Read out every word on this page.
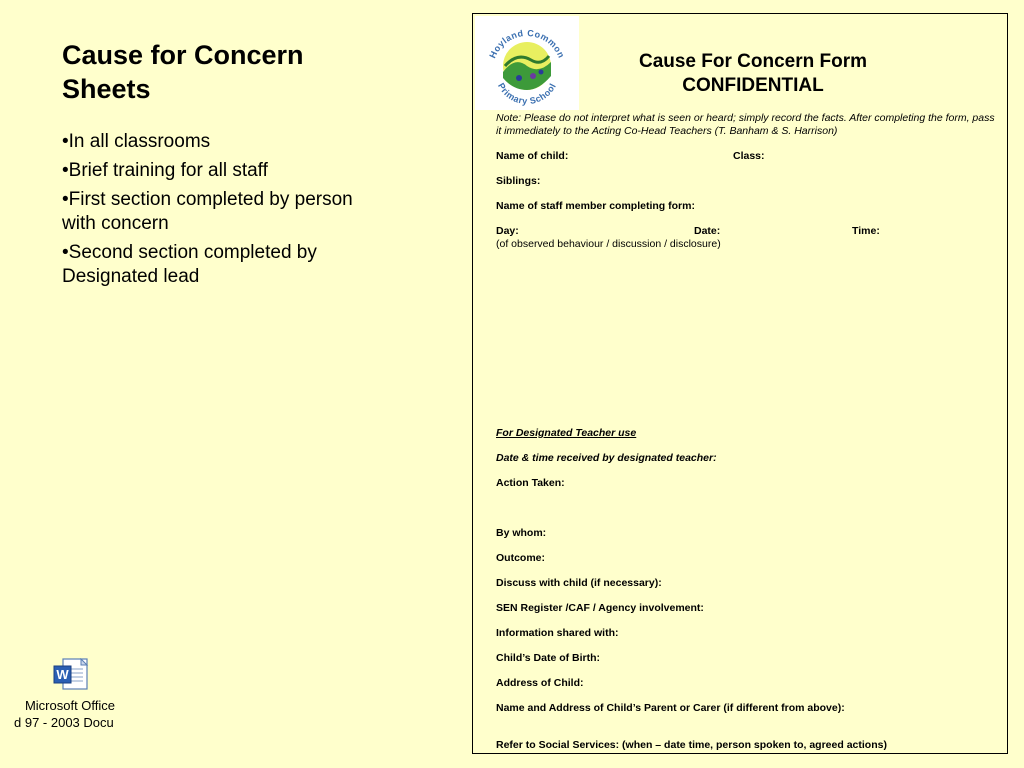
Cause for Concern Sheets
•In all classrooms
•Brief training for all staff
•First section completed by person with concern
•Second section completed by Designated lead
W
Microsoft Office
d 97 - 2003 Docu
Hoyland Common
Primary School
Cause For Concern Form
CONFIDENTIAL
Note: Please do not interpret what is seen or heard; simply record the facts. After completing the form, pass it immediately to the Acting Co-Head Teachers (T. Banham & S. Harrison)
Name of child:	Class:
Siblings:
Name of staff member completing form:
Day:	Date:	Time:
(of observed behaviour / discussion / disclosure)
For Designated Teacher use
Date & time received by designated teacher:
Action Taken:
By whom:
Outcome:
Discuss with child (if necessary):
SEN Register /CAF / Agency involvement:
Information shared with:
Child’s Date of Birth:
Address of Child:
Name and Address of Child’s Parent or Carer (if different from above):
Refer to Social Services: (when – date time, person spoken to, agreed actions)
